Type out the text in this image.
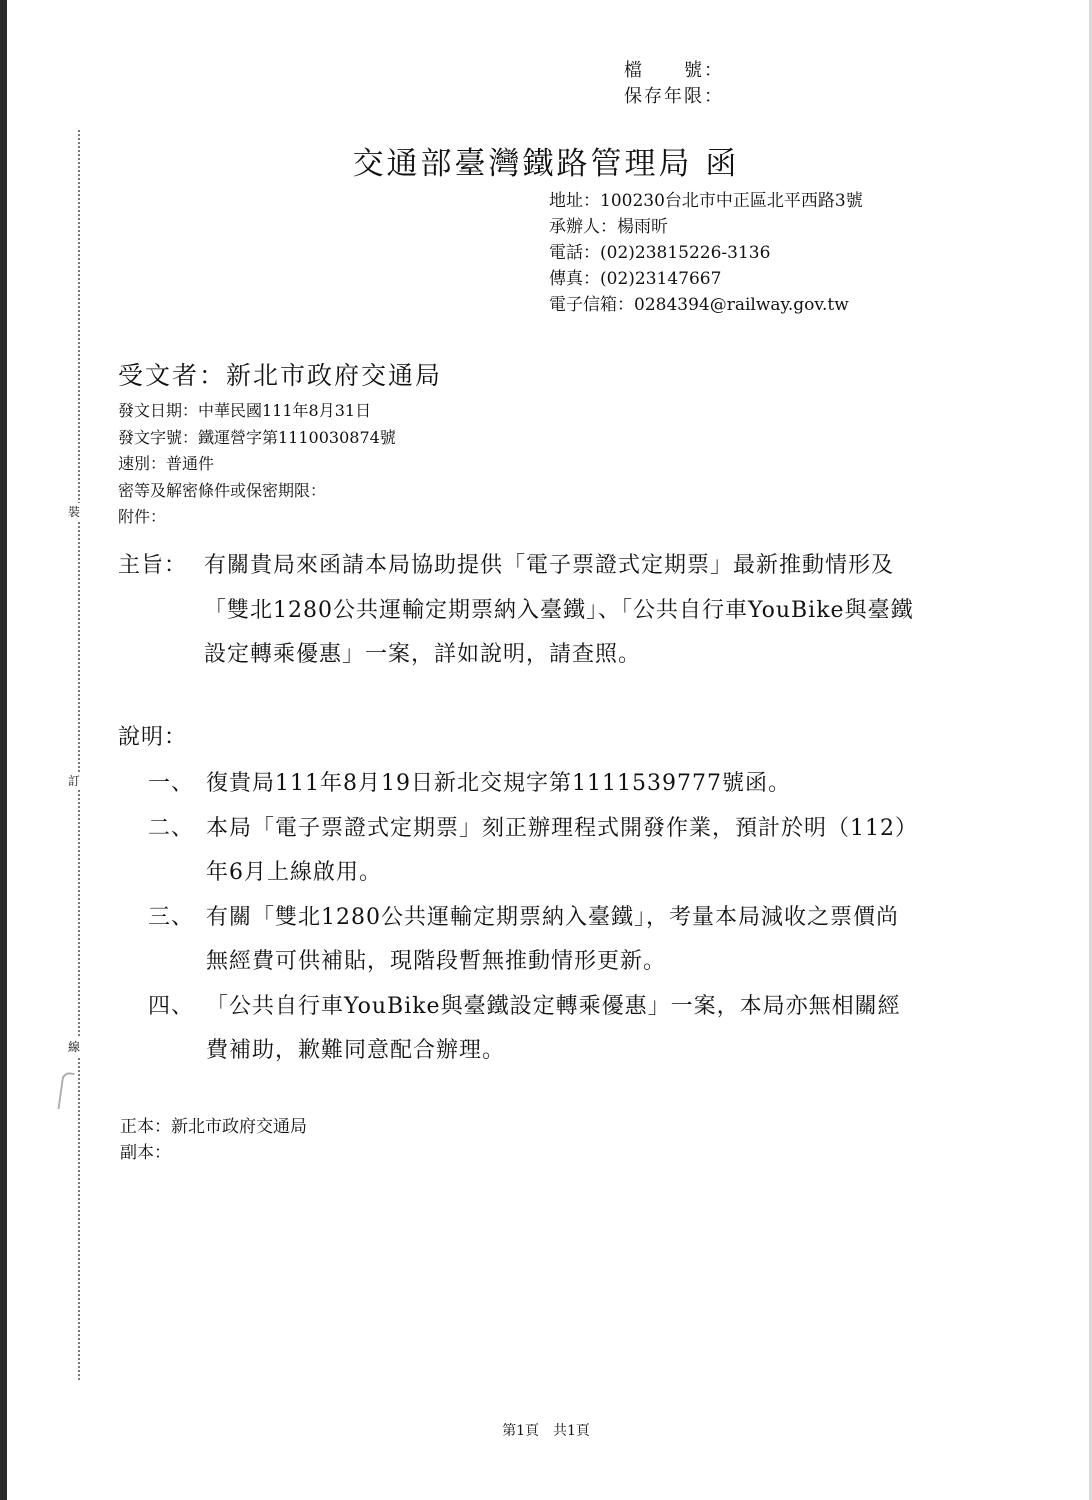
裝
訂
線
檔　　號：
保存年限：
交通部臺灣鐵路管理局 函
地址：100230台北市中正區北平西路3號
承辦人：楊雨昕
電話：(02)23815226-3136
傳真：(02)23147667
電子信箱：0284394@railway.gov.tw
受文者：新北市政府交通局
發文日期：中華民國111年8月31日
發文字號：鐵運營字第1110030874號
速別：普通件
密等及解密條件或保密期限：
附件：
主旨： 有關貴局來函請本局協助提供「電子票證式定期票」最新推動情形及「雙北1280公共運輸定期票納入臺鐵」、「公共自行車YouBike與臺鐵設定轉乘優惠」一案，詳如說明，請查照。
說明：
一、 復貴局111年8月19日新北交規字第1111539777號函。
二、 本局「電子票證式定期票」刻正辦理程式開發作業，預計於明（112）年6月上線啟用。
三、 有關「雙北1280公共運輸定期票納入臺鐵」，考量本局減收之票價尚無經費可供補貼，現階段暫無推動情形更新。
四、 「公共自行車YouBike與臺鐵設定轉乘優惠」一案，本局亦無相關經費補助，歉難同意配合辦理。
正本：新北市政府交通局
副本：
第1頁　共1頁
